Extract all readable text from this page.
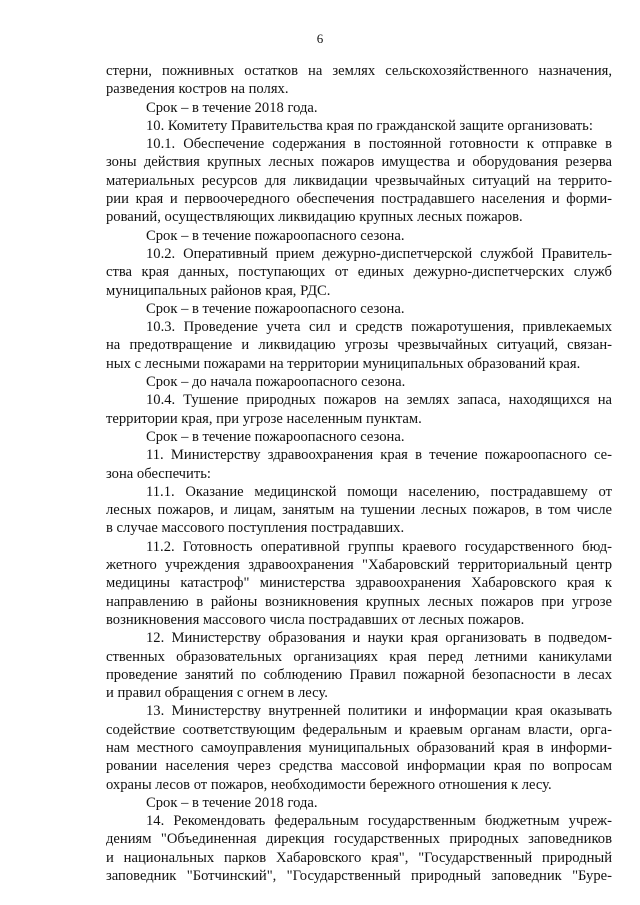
6
стерни, пожнивных остатков на землях сельскохозяйственного назначения,
разведения костров на полях.
Срок – в течение 2018 года.
10. Комитету Правительства края по гражданской защите организовать:
10.1. Обеспечение содержания в постоянной готовности к отправке в
зоны действия крупных лесных пожаров имущества и оборудования резерва
материальных ресурсов для ликвидации чрезвычайных ситуаций на террито-
рии края и первоочередного обеспечения пострадавшего населения и форми-
рований, осуществляющих ликвидацию крупных лесных пожаров.
Срок – в течение пожароопасного сезона.
10.2. Оперативный прием дежурно-диспетчерской службой Правитель-
ства края данных, поступающих от единых дежурно-диспетчерских служб
муниципальных районов края, РДС.
Срок – в течение пожароопасного сезона.
10.3. Проведение учета сил и средств пожаротушения, привлекаемых
на предотвращение и ликвидацию угрозы чрезвычайных ситуаций, связан-
ных с лесными пожарами на территории муниципальных образований края.
Срок – до начала пожароопасного сезона.
10.4. Тушение природных пожаров на землях запаса, находящихся на
территории края, при угрозе населенным пунктам.
Срок – в течение пожароопасного сезона.
11. Министерству здравоохранения края в течение пожароопасного се-
зона обеспечить:
11.1. Оказание медицинской помощи населению, пострадавшему от
лесных пожаров, и лицам, занятым на тушении лесных пожаров, в том числе
в случае массового поступления пострадавших.
11.2. Готовность оперативной группы краевого государственного бюд-
жетного учреждения здравоохранения "Хабаровский территориальный центр
медицины катастроф" министерства здравоохранения Хабаровского края к
направлению в районы возникновения крупных лесных пожаров при угрозе
возникновения массового числа пострадавших от лесных пожаров.
12. Министерству образования и науки края организовать в подведом-
ственных образовательных организациях края перед летними каникулами
проведение занятий по соблюдению Правил пожарной безопасности в лесах
и правил обращения с огнем в лесу.
13. Министерству внутренней политики и информации края оказывать
содействие соответствующим федеральным и краевым органам власти, орга-
нам местного самоуправления муниципальных образований края в информи-
ровании населения через средства массовой информации края по вопросам
охраны лесов от пожаров, необходимости бережного отношения к лесу.
Срок – в течение 2018 года.
14. Рекомендовать федеральным государственным бюджетным учреж-
дениям "Объединенная дирекция государственных природных заповедников
и национальных парков Хабаровского края", "Государственный природный
заповедник "Ботчинский", "Государственный природный заповедник "Буре-
